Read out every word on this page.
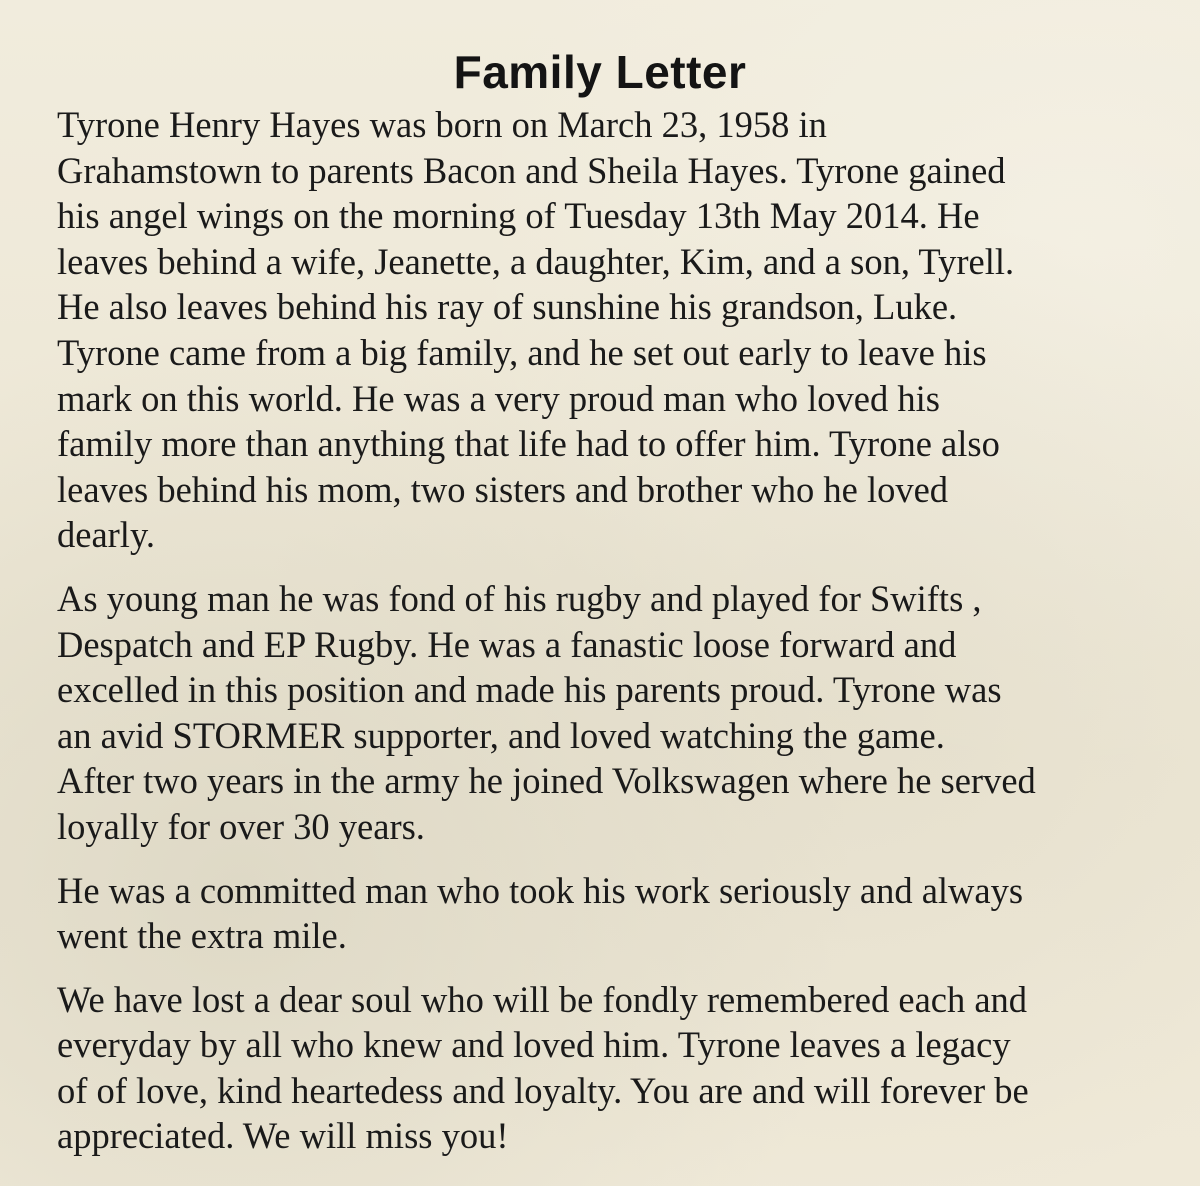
Family Letter

Tyrone Henry Hayes was born on March 23, 1958 in
Grahamstown to parents Bacon and Sheila Hayes. Tyrone gained
his angel wings on the morning of Tuesday 13th May 2014. He
leaves behind a wife, Jeanette, a daughter, Kim, and a son, Tyrell.
He also leaves behind his ray of sunshine his grandson, Luke.
Tyrone came from a big family, and he set out early to leave his
mark on this world. He was a very proud man who loved his
family more than anything that life had to offer him. Tyrone also
leaves behind his mom, two sisters and brother who he loved
dearly.

As young man he was fond of his rugby and played for Swifts ,
Despatch and EP Rugby. He was a fanastic loose forward and
excelled in this position and made his parents proud. Tyrone was
an avid STORMER supporter, and loved watching the game.
After two years in the army he joined Volkswagen where he served
loyally for over 30 years.

He was a committed man who took his work seriously and always
went the extra mile.

We have lost a dear soul who will be fondly remembered each and
everyday by all who knew and loved him. Tyrone leaves a legacy
of of love, kind heartedess and loyalty. You are and will forever be
appreciated. We will miss you!
